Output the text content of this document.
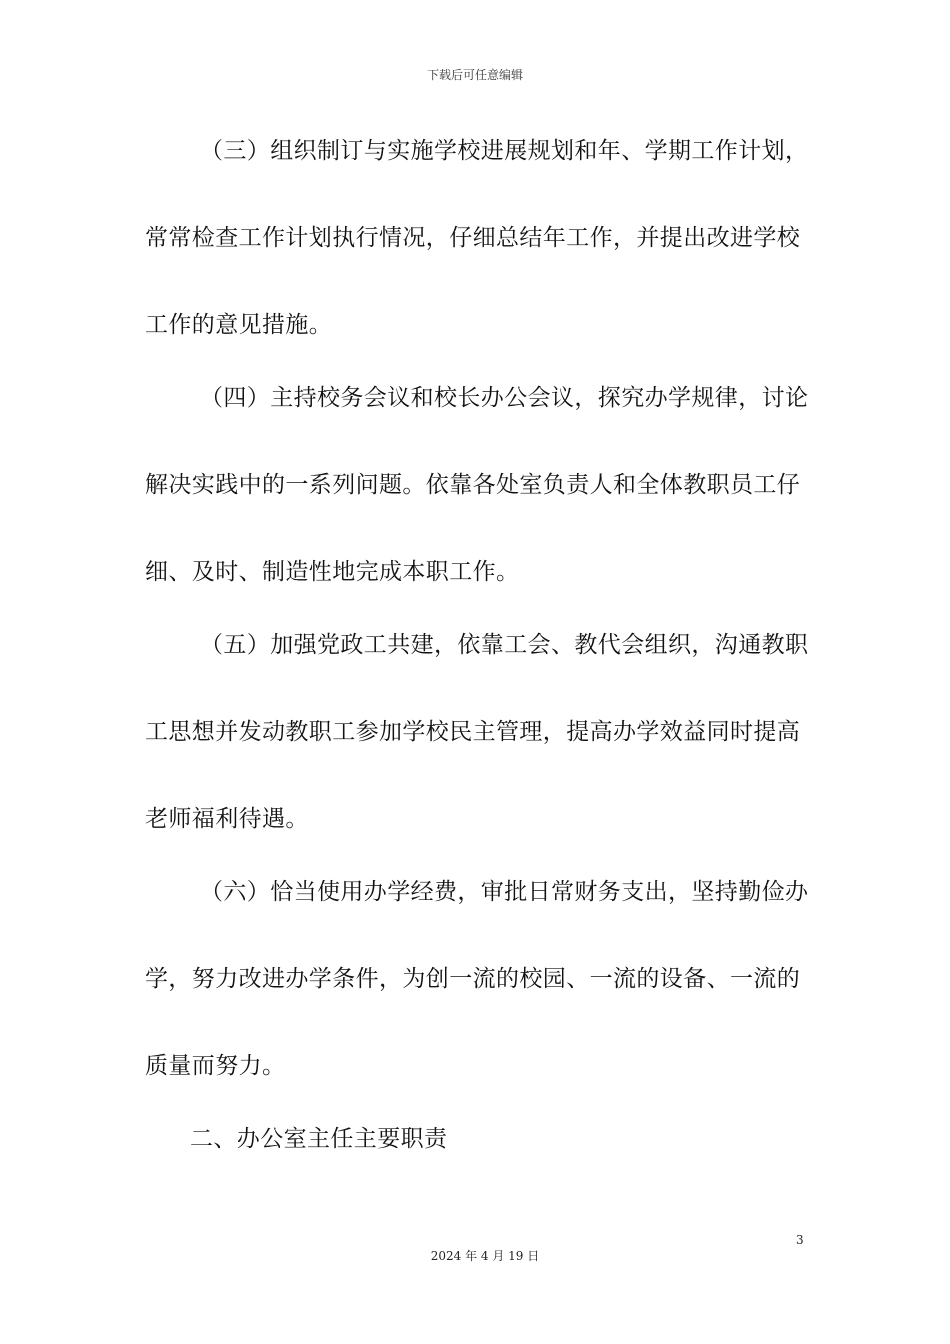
下载后可任意编辑
（三）组织制订与实施学校进展规划和年、学期工作计划，
常常检查工作计划执行情况，仔细总结年工作，并提出改进学校
工作的意见措施。
（四）主持校务会议和校长办公会议，探究办学规律，讨论
解决实践中的一系列问题。依靠各处室负责人和全体教职员工仔
细、及时、制造性地完成本职工作。
（五）加强党政工共建，依靠工会、教代会组织，沟通教职
工思想并发动教职工参加学校民主管理，提高办学效益同时提高
老师福利待遇。
（六）恰当使用办学经费，审批日常财务支出，坚持勤俭办
学，努力改进办学条件，为创一流的校园、一流的设备、一流的
质量而努力。
二、办公室主任主要职责
3
2024 年 4 月 19 日
